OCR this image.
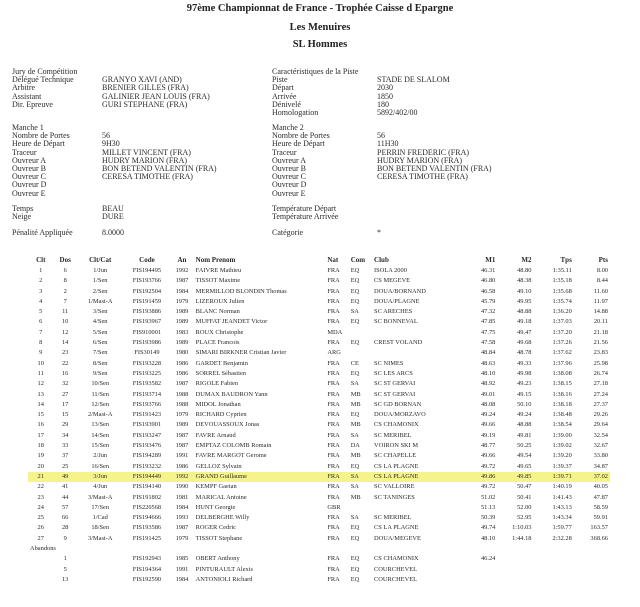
97ème Championnat de France - Trophée Caisse d Epargne
Les Menuires
SL Hommes
Jury de Compétition
Délégué Technique	GRANYO XAVI (AND)
Arbitre	BRENIER GILLES (FRA)
Assistant	GALINIER JEAN LOUIS (FRA)
Dir. Epreuve	GURI STEPHANE (FRA)
Caractéristiques de la Piste
Piste	STADE DE SLALOM
Départ	2030
Arrivée	1850
Dénivelé	180
Homologation	5892/402/00
Manche 1
Nombre de Portes	56
Heure de Départ	9H30
Traceur	MILLET VINCENT (FRA)
Ouvreur A	HUDRY MARION (FRA)
Ouvreur B	BON BETEND VALENTIN (FRA)
Ouvreur C	CERESA TIMOTHE (FRA)
Ouvreur D
Ouvreur E
Manche 2
Nombre de Portes	56
Heure de Départ	11H30
Traceur	PERRIN FREDERIC (FRA)
Ouvreur A	HUDRY MARION (FRA)
Ouvreur B	BON BETEND VALENTIN (FRA)
Ouvreur C	CERESA TIMOTHE (FRA)
Ouvreur D
Ouvreur E
Temps	BEAU
Neige	DURE
Température Départ
Température Arrivée
Pénalité Appliquée	8.0000	Catégorie	*
Clt	Dos	Clt/Cat	Code	An	Nom Prenom	Nat	Com	Club	M1	M2	Tps	Pts
1	6	1/Jun	FIS194495	1992	FAIVRE Mathieu	FRA	EQ	ISOLA 2000	46.31	48.80	1:35.11	8.00
2	8	1/Sen	FIS193766	1987	TISSOT Maxime	FRA	EQ	CS MEGEVE	46.80	48.38	1:35.18	8.44
3	2	2/Sen	FIS192504	1984	MERMILLOD BLONDIN Thomas	FRA	EQ	DOUA/BORNAND	46.58	49.10	1:35.68	11.60
4	7	1/Mast-A	FIS191459	1979	LIZEROUX Julien	FRA	EQ	DOUA/PLAGNE	45.79	49.95	1:35.74	11.97
5	11	3/Sen	FIS193886	1989	BLANC Norman	FRA	SA	SC ARECHES	47.32	48.88	1:36.20	14.88
6	10	4/Sen	FIS193967	1989	MUFFAT JEANDET Victor	FRA	EQ	SC BONNEVAL	47.85	49.18	1:37.03	20.11
7	12	5/Sen	FIS910001	1983	ROUX Christophe	MDA			47.75	49.47	1:37.20	21.18
8	14	6/Sen	FIS193986	1989	PLACE Francois	FRA	EQ	CREST VOLAND	47.58	49.68	1:37.26	21.56
9	23	7/Sen	FIS30149	1980	SIMARI BIRKNER Cristian Javier	ARG			48.84	48.78	1:37.62	23.83
10	22	8/Sen	FIS193228	1986	GARDET Benjamin	FRA	CE	SC NIMES	48.63	49.33	1:37.96	25.98
11	16	9/Sen	FIS193225	1986	SORREL Sébastien	FRA	EQ	SC LES ARCS	48.10	49.98	1:38.08	26.74
12	32	10/Sen	FIS193582	1987	RIGOLE Fabien	FRA	SA	SC ST GERVAI	48.92	49.23	1:38.15	27.18
13	27	11/Sen	FIS193714	1988	DUMAX BAUDRON Yann	FRA	MB	SC ST GERVAI	49.01	49.15	1:38.16	27.24
14	17	12/Sen	FIS193766	1988	MIDOL Jonathan	FRA	MB	SC GD BORNAN	48.08	50.10	1:38.18	27.37
15	15	2/Mast-A	FIS191423	1979	RICHARD Cyprien	FRA	EQ	DOUA/MORZAVO	49.24	49.24	1:38.48	29.26
16	29	13/Sen	FIS193901	1989	DEVOUASSOUX Jonas	FRA	MB	CS CHAMONIX	49.66	48.88	1:38.54	29.64
17	34	14/Sen	FIS193247	1987	FAVRE Arnaud	FRA	SA	SC MERIBEL	49.19	49.81	1:39.00	32.54
18	33	15/Sen	FIS193476	1987	EMPTAZ COLOMB Romain	FRA	DA	VOIRON SKI M	48.77	50.25	1:39.02	32.67
19	37	2/Jun	FIS194289	1991	FAVRE MARGOT Gerome	FRA	MB	SC CHAPELLE	49.66	49.54	1:39.20	33.80
20	25	16/Sen	FIS193232	1986	GELLOZ Sylvain	FRA	EQ	CS LA PLAGNE	49.72	49.65	1:39.37	34.87
21	49	3/Jun	FIS194449	1992	GRAND Guillaume	FRA	SA	CS LA PLAGNE	49.86	49.85	1:39.71	37.02
22	41	4/Jun	FIS194140	1990	KEMPF Gaetan	FRA	SA	SC VALLOIRE	49.72	50.47	1:40.19	40.05
23	44	3/Mast-A	FIS191802	1981	MARICAL Antoine	FRA	MB	SC TANINGES	51.02	50.41	1:41.43	47.87
24	57	17/Sen	FIS220568	1984	HUNT Georgie	GBR			51.13	52.00	1:43.13	58.59
25	66	1/Cad	FIS194666	1993	DELBERGHE Willy	FRA	SA	SC MERIBEL	50.39	52.95	1:43.34	59.91
26	28	18/Sen	FIS193586	1987	ROGER Cedric	FRA	EQ	CS LA PLAGNE	49.74	1:10.03	1:59.77	163.57
27	9	3/Mast-A	FIS191425	1979	TISSOT Stephane	FRA	EQ	DOUA/MEGEVE	48.10	1:44.18	2:32.28	368.66
Abandons												
	1		FIS192943	1985	OBERT Anthony	FRA	EQ	CS CHAMONIX	46.24			
	5		FIS194364	1991	PINTURAULT Alexis	FRA	EQ	COURCHEVEL				
	13		FIS192590	1984	ANTONIOLI Richard	FRA	EQ	COURCHEVEL				
